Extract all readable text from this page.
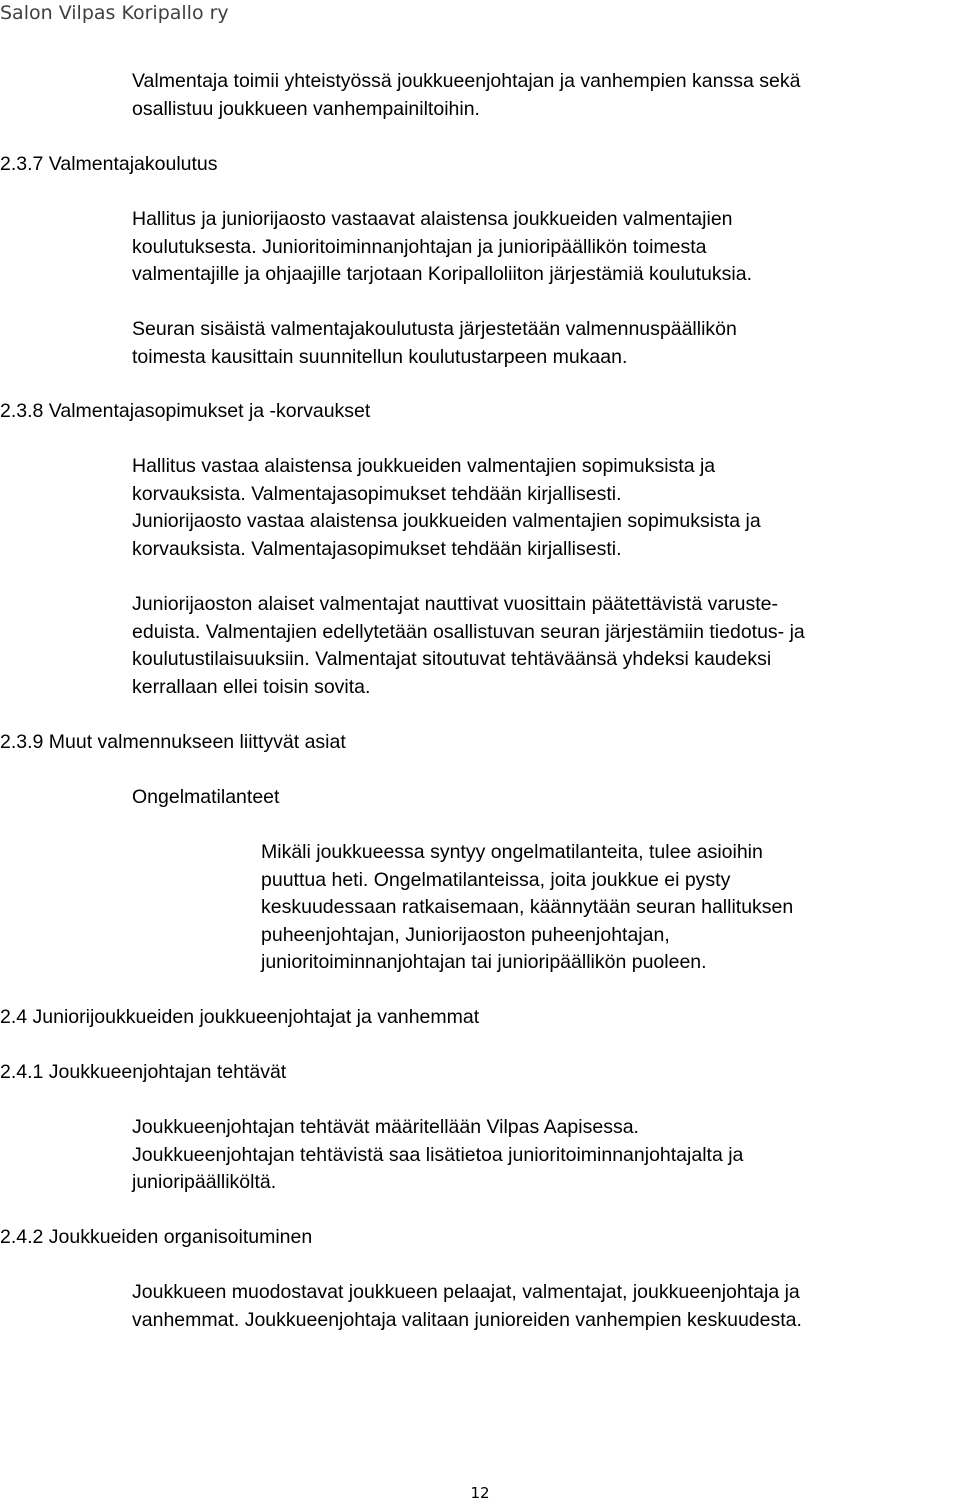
Salon Vilpas Koripallo ry

Valmentaja toimii yhteistyössä joukkueenjohtajan ja vanhempien kanssa sekä
osallistuu joukkueen vanhempainiltoihin.

2.3.7 Valmentajakoulutus

Hallitus ja juniorijaosto vastaavat alaistensa joukkueiden valmentajien
koulutuksesta. Junioritoiminnanjohtajan ja junioripäällikön toimesta
valmentajille ja ohjaajille tarjotaan Koripalloliiton järjestämiä koulutuksia.

Seuran sisäistä valmentajakoulutusta järjestetään valmennuspäällikön
toimesta kausittain suunnitellun koulutustarpeen mukaan.

2.3.8 Valmentajasopimukset ja -korvaukset

Hallitus vastaa alaistensa joukkueiden valmentajien sopimuksista ja
korvauksista. Valmentajasopimukset tehdään kirjallisesti.
Juniorijaosto vastaa alaistensa joukkueiden valmentajien sopimuksista ja
korvauksista. Valmentajasopimukset tehdään kirjallisesti.

Juniorijaoston alaiset valmentajat nauttivat vuosittain päätettävistä varuste-
eduista. Valmentajien edellytetään osallistuvan seuran järjestämiin tiedotus- ja
koulutustilaisuuksiin. Valmentajat sitoutuvat tehtäväänsä yhdeksi kaudeksi
kerrallaan ellei toisin sovita.

2.3.9 Muut valmennukseen liittyvät asiat
Ongelmatilanteet

Mikäli joukkueessa syntyy ongelmatilanteita, tulee asioihin
puuttua heti. Ongelmatilanteissa, joita joukkue ei pysty
keskuudessaan ratkaisemaan, käännytään seuran hallituksen
puheenjohtajan, Juniorijaoston puheenjohtajan,
junioritoiminnanjohtajan tai junioripäällikön puoleen.

2.4 Juniorijoukkueiden joukkueenjohtajat ja vanhemmat
2.4.1 Joukkueenjohtajan tehtävät

Joukkueenjohtajan tehtävät määritellään Vilpas Aapisessa.
Joukkueenjohtajan tehtävistä saa lisätietoa junioritoiminnanjohtajalta ja
junioripäälliköltä.

2.4.2 Joukkueiden organisoituminen

Joukkueen muodostavat joukkueen pelaajat, valmentajat, joukkueenjohtaja ja
vanhemmat. Joukkueenjohtaja valitaan junioreiden vanhempien keskuudesta.

12
